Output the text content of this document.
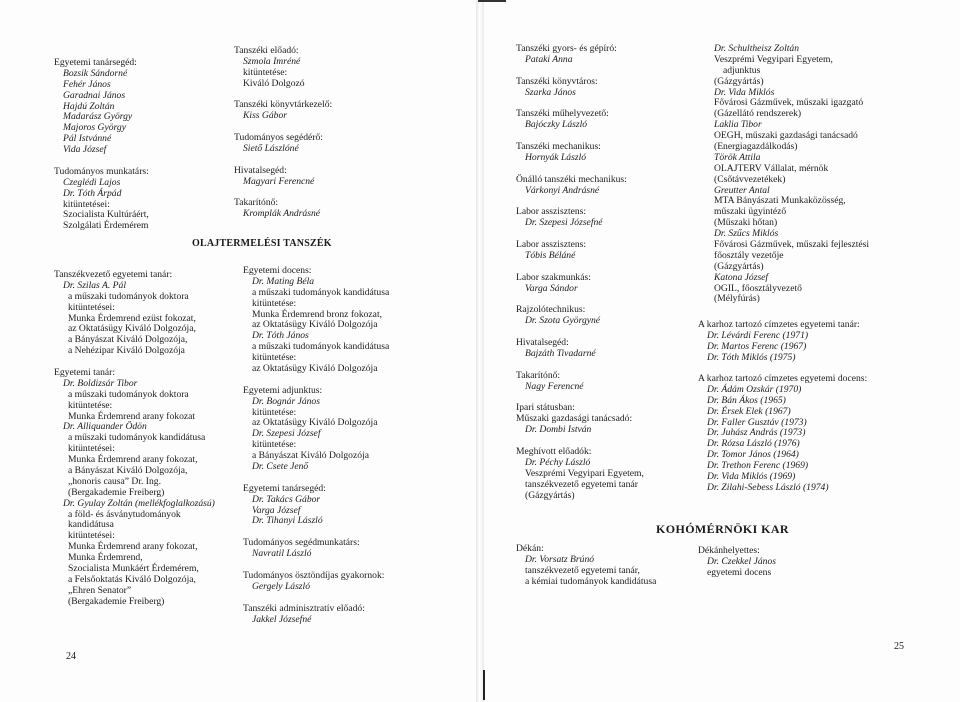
Egyetemi tanársegéd:
Bozsik Sándorné
Fehér János
Garadnai János
Hajdú Zoltán
Madarász György
Majoros György
Pál Istvánné
Vida József
Tudományos munkatárs:
Czeglédi Lajos
Dr. Tóth Árpád
kitüntetései:
Szocialista Kultúráért,
Szolgálati Érdemérem
Tanszékvezető egyetemi tanár:
Dr. Szilas A. Pál
a műszaki tudományok doktora
kitüntetései:
Munka Érdemrend ezüst fokozat,
az Oktatásügy Kiváló Dolgozója,
a Bányászat Kiváló Dolgozója,
a Nehézipar Kiváló Dolgozója
Egyetemi tanár:
Dr. Boldizsár Tibor
a műszaki tudományok doktora
kitüntetése:
Munka Érdemrend arany fokozat
Dr. Alliquander Ödön
a műszaki tudományok kandidátusa
kitüntetései:
Munka Érdemrend arany fokozat,
a Bányászat Kiváló Dolgozója,
„honoris causa” Dr. Ing.
(Bergakademie Freiberg)
Dr. Gyulay Zoltán (mellékfoglalkozású)
a föld- és ásványtudományok
kandidátusa
kitüntetései:
Munka Érdemrend arany fokozat,
Munka Érdemrend,
Szocialista Munkáért Érdemérem,
a Felsőoktatás Kiváló Dolgozója,
„Ehren Senator”
(Bergakademie Freiberg)
Tanszéki előadó:
Szmola Imréné
kitüntetése:
Kiváló Dolgozó
Tanszéki könyvtárkezelő:
Kiss Gábor
Tudományos segédérő:
Siető Lászlóné
Hivatalsegéd:
Magyari Ferencné
Takarítónő:
Kromplák Andrásné
OLAJTERMELÉSI TANSZÉK
Egyetemi docens:
Dr. Mating Béla
a műszaki tudományok kandidátusa
kitüntetése:
Munka Érdemrend bronz fokozat,
az Oktatásügy Kiváló Dolgozója
Dr. Tóth János
a műszaki tudományok kandidátusa
kitüntetése:
az Oktatásügy Kiváló Dolgozója
Egyetemi adjunktus:
Dr. Bognár János
kitüntetése:
az Oktatásügy Kiváló Dolgozója
Dr. Szepesi József
kitüntetése:
a Bányászat Kiváló Dolgozója
Dr. Csete Jenő
Egyetemi tanársegéd:
Dr. Takács Gábor
Varga József
Dr. Tihanyi László
Tudományos segédmunkatárs:
Navratil László
Tudományos ösztöndíjas gyakornok:
Gergely László
Tanszéki adminisztratív előadó:
Jakkel Józsefné
24
Tanszéki gyors- és gépíró:
Pataki Anna
Tanszéki könyvtáros:
Szarka János
Tanszéki műhelyvezető:
Bajóczky László
Tanszéki mechanikus:
Hornyák László
Önálló tanszéki mechanikus:
Várkonyi Andrásné
Labor asszisztens:
Dr. Szepesi Józsefné
Labor asszisztens:
Tóbis Béláné
Labor szakmunkás:
Varga Sándor
Rajzolótechnikus:
Dr. Szota Györgyné
Hivatalsegéd:
Bajzáth Tivadarné
Takarítónő:
Nagy Ferencné
Ipari státusban:
Műszaki gazdasági tanácsadó:
Dr. Dombi István
Meghívott előadók:
Dr. Péchy László
Veszprémi Vegyipari Egyetem,
tanszékvezető egyetemi tanár
(Gázgyártás)
Dékán:
Dr. Vorsatz Brúnó
tanszékvezető egyetemi tanár,
a kémiai tudományok kandidátusa
Dr. Schultheisz Zoltán
Veszprémi Vegyipari Egyetem,
adjunktus
(Gázgyártás)
Dr. Vida Miklós
Fővárosi Gázművek, műszaki igazgató
(Gázellátó rendszerek)
Laklia Tibor
OEGH, műszaki gazdasági tanácsadó
(Energiagazdálkodás)
Török Attila
OLAJTERV Vállalat, mérnök
(Csőtávvezetékek)
Greutter Antal
MTA Bányászati Munkaközösség,
műszaki ügyintéző
(Műszaki hőtan)
Dr. Szűcs Miklós
Fővárosi Gázművek, műszaki fejlesztési
főosztály vezetője
(Gázgyártás)
Katona József
OGIL, főosztályvezető
(Mélyfúrás)
A karhoz tartozó címzetes egyetemi tanár:
Dr. Lévárdi Ferenc (1971)
Dr. Martos Ferenc (1967)
Dr. Tóth Miklós (1975)
A karhoz tartozó címzetes egyetemi docens:
Dr. Ádám Ozskár (1970)
Dr. Bán Ákos (1965)
Dr. Érsek Elek (1967)
Dr. Faller Gusztáv (1973)
Dr. Juhász András (1973)
Dr. Rózsa László (1976)
Dr. Tomor János (1964)
Dr. Trethon Ferenc (1969)
Dr. Vida Miklós (1969)
Dr. Zilahi-Sebess László (1974)
KOHÓMÉRNÖKI KAR
Dékánhelyettes:
Dr. Czekkel János
egyetemi docens
25
